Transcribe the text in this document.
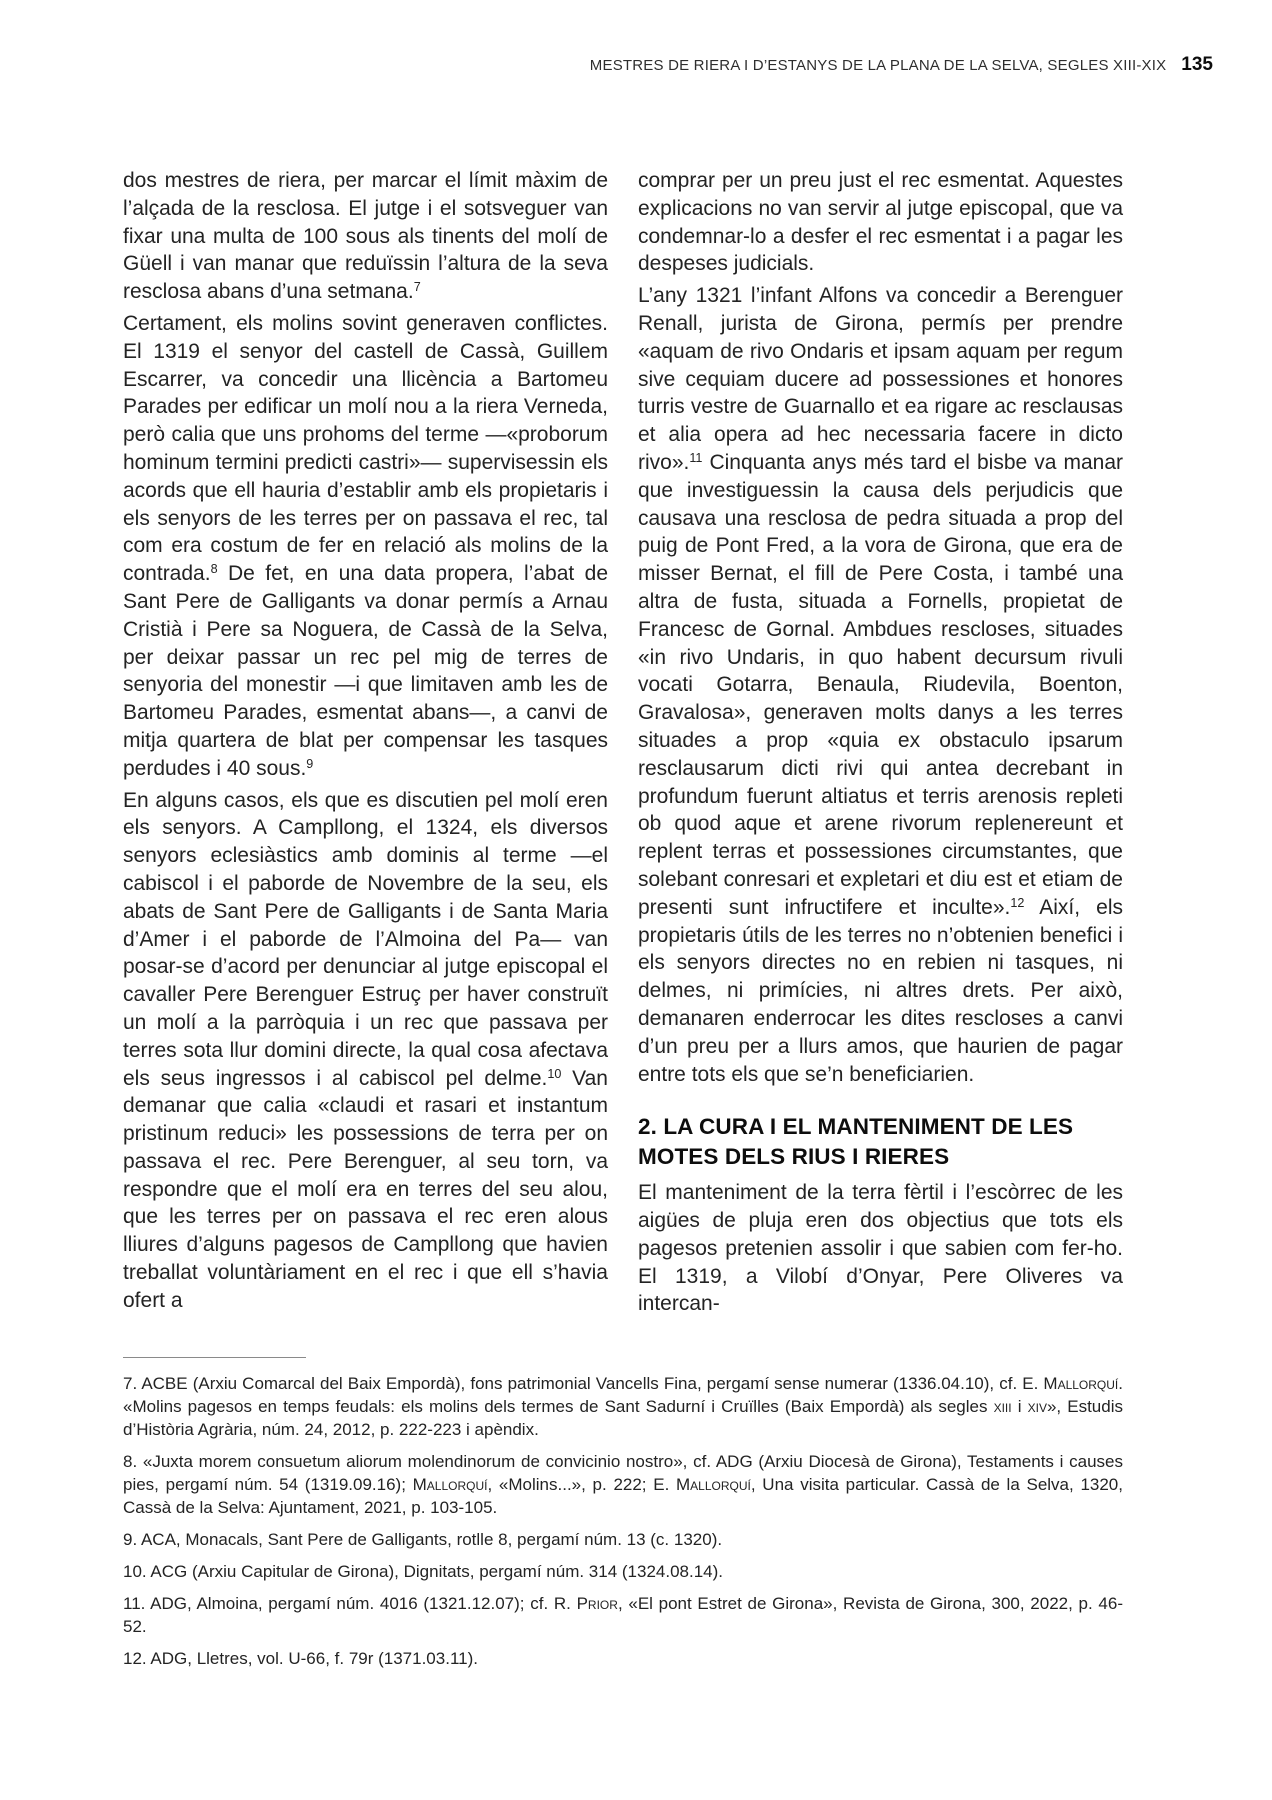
MESTRES DE RIERA I D’ESTANYS DE LA PLANA DE LA SELVA, SEGLES XIII-XIX 135

dos mestres de riera, per marcar el límit màxim de l’alçada de la resclosa. El jutge i el sotsveguer van fixar una multa de 100 sous als tinents del molí de Güell i van manar que reduïssin l’altura de la seva resclosa abans d’una setmana.$^7$

Certament, els molins sovint generaven conflictes. El 1319 el senyor del castell de Cassà, Guillem Escarrer, va concedir una llicència a Bartomeu Parades per edificar un molí nou a la riera Verneda, però calia que uns prohoms del terme —«proborum hominum termini predicti castri»— supervisessin els acords que ell hauria d’establir amb els propietaris i els senyors de les terres per on passava el rec, tal com era costum de fer en relació als molins de la contrada.$^8$ De fet, en una data propera, l’abat de Sant Pere de Galligants va donar permís a Arnau Cristià i Pere sa Noguera, de Cassà de la Selva, per deixar passar un rec pel mig de terres de senyoria del monestir —i que limitaven amb les de Bartomeu Parades, esmentat abans—, a canvi de mitja quartera de blat per compensar les tasques perdudes i 40 sous.$^9$

En alguns casos, els que es discutien pel molí eren els senyors. A Campllong, el 1324, els diversos senyors eclesiàstics amb dominis al terme —el cabiscol i el paborde de Novembre de la seu, els abats de Sant Pere de Galligants i de Santa Maria d’Amer i el paborde de l’Almoina del Pa— van posar-se d’acord per denunciar al jutge episcopal el cavaller Pere Berenguer Estruç per haver construït un molí a la parròquia i un rec que passava per terres sota llur domini directe, la qual cosa afectava els seus ingressos i al cabiscol pel delme.$^{10}$ Van demanar que calia «claudi et rasari et instantum pristinum reduci» les possessions de terra per on passava el rec. Pere Berenguer, al seu torn, va respondre que el molí era en terres del seu alou, que les terres per on passava el rec eren alous lliures d’alguns pagesos de Campllong que havien treballat voluntàriament en el rec i que ell s’havia ofert a

comprar per un preu just el rec esmentat. Aquestes explicacions no van servir al jutge episcopal, que va condemnar-lo a desfer el rec esmentat i a pagar les despeses judicials.

L’any 1321 l’infant Alfons va concedir a Berenguer Renall, jurista de Girona, permís per prendre «aquam de rivo Ondaris et ipsam aquam per regum sive cequiam ducere ad possessiones et honores turris vestre de Guarnallo et ea rigare ac resclausas et alia opera ad hec necessaria facere in dicto rivo».$^{11}$ Cinquanta anys més tard el bisbe va manar que investiguessin la causa dels perjudicis que causava una resclosa de pedra situada a prop del puig de Pont Fred, a la vora de Girona, que era de misser Bernat, el fill de Pere Costa, i també una altra de fusta, situada a Fornells, propietat de Francesc de Gornal. Ambdues rescloses, situades «in rivo Undaris, in quo habent decursum rivuli vocati Gotarra, Benaula, Riudevila, Boenton, Gravalosa», generaven molts danys a les terres situades a prop «quia ex obstaculo ipsarum resclausarum dicti rivi qui antea decrebant in profundum fuerunt altiatus et terris arenosis repleti ob quod aque et arene rivorum replenereunt et replent terras et possessiones circumstantes, que solebant conresari et expletari et diu est et etiam de presenti sunt infructifere et inculte».$^{12}$ Així, els propietaris útils de les terres no n’obtenien benefici i els senyors directes no en rebien ni tasques, ni delmes, ni primícies, ni altres drets. Per això, demanaren enderrocar les dites rescloses a canvi d’un preu per a llurs amos, que haurien de pagar entre tots els que se’n beneficiarien.

2. LA CURA I EL MANTENIMENT DE LES MOTES DELS RIUS I RIERES

El manteniment de la terra fèrtil i l’escòrrec de les aigües de pluja eren dos objectius que tots els pagesos pretenien assolir i que sabien com fer-ho. El 1319, a Vilobí d’Onyar, Pere Oliveres va intercan-

7. ACBE (Arxiu Comarcal del Baix Empordà), fons patrimonial Vancells Fina, pergamí sense numerar (1336.04.10), cf. E. Mallorquí. «Molins pagesos en temps feudals: els molins dels termes de Sant Sadurní i Cruïlles (Baix Empordà) als segles xiii i xiv», Estudis d’Història Agrària, núm. 24, 2012, p. 222-223 i apèndix.

8. «Juxta morem consuetum aliorum molendinorum de convicinio nostro», cf. ADG (Arxiu Diocesà de Girona), Testaments i causes pies, pergamí núm. 54 (1319.09.16); Mallorquí, «Molins...», p. 222; E. Mallorquí, Una visita particular. Cassà de la Selva, 1320, Cassà de la Selva: Ajuntament, 2021, p. 103-105.

9. ACA, Monacals, Sant Pere de Galligants, rotlle 8, pergamí núm. 13 (c. 1320).

10. ACG (Arxiu Capitular de Girona), Dignitats, pergamí núm. 314 (1324.08.14).

11. ADG, Almoina, pergamí núm. 4016 (1321.12.07); cf. R. Prior, «El pont Estret de Girona», Revista de Girona, 300, 2022, p. 46-52.

12. ADG, Lletres, vol. U-66, f. 79r (1371.03.11).
